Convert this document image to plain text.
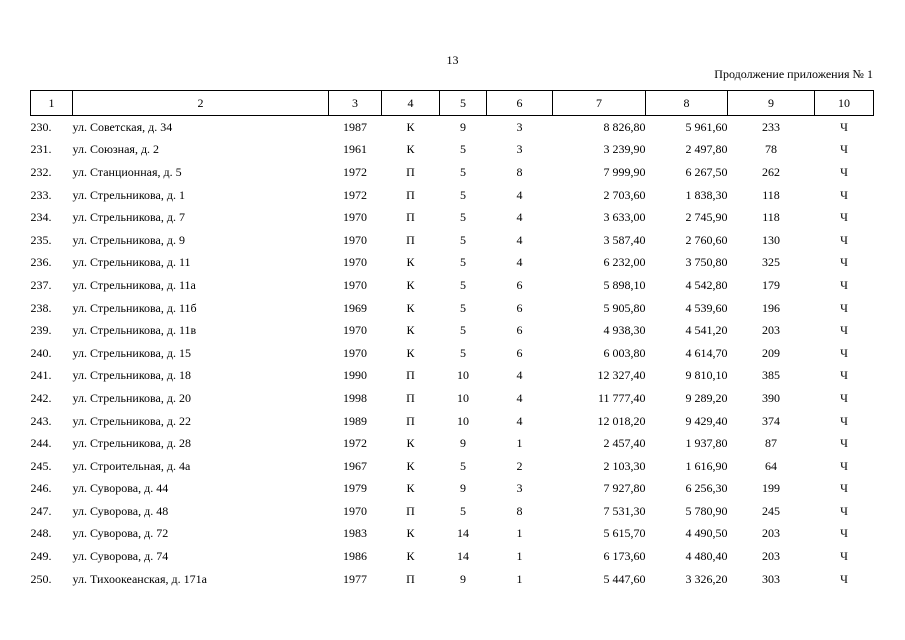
13
Продолжение приложения № 1
1	2	3	4	5	6	7	8	9	10
230.	ул. Советская, д. 34	1987	К	9	3	8 826,80	5 961,60	233	Ч
231.	ул. Союзная, д. 2	1961	К	5	3	3 239,90	2 497,80	78	Ч
232.	ул. Станционная, д. 5	1972	П	5	8	7 999,90	6 267,50	262	Ч
233.	ул. Стрельникова, д. 1	1972	П	5	4	2 703,60	1 838,30	118	Ч
234.	ул. Стрельникова, д. 7	1970	П	5	4	3 633,00	2 745,90	118	Ч
235.	ул. Стрельникова, д. 9	1970	П	5	4	3 587,40	2 760,60	130	Ч
236.	ул. Стрельникова, д. 11	1970	К	5	4	6 232,00	3 750,80	325	Ч
237.	ул. Стрельникова, д. 11а	1970	К	5	6	5 898,10	4 542,80	179	Ч
238.	ул. Стрельникова, д. 11б	1969	К	5	6	5 905,80	4 539,60	196	Ч
239.	ул. Стрельникова, д. 11в	1970	К	5	6	4 938,30	4 541,20	203	Ч
240.	ул. Стрельникова, д. 15	1970	К	5	6	6 003,80	4 614,70	209	Ч
241.	ул. Стрельникова, д. 18	1990	П	10	4	12 327,40	9 810,10	385	Ч
242.	ул. Стрельникова, д. 20	1998	П	10	4	11 777,40	9 289,20	390	Ч
243.	ул. Стрельникова, д. 22	1989	П	10	4	12 018,20	9 429,40	374	Ч
244.	ул. Стрельникова, д. 28	1972	К	9	1	2 457,40	1 937,80	87	Ч
245.	ул. Строительная, д. 4а	1967	К	5	2	2 103,30	1 616,90	64	Ч
246.	ул. Суворова, д. 44	1979	К	9	3	7 927,80	6 256,30	199	Ч
247.	ул. Суворова, д. 48	1970	П	5	8	7 531,30	5 780,90	245	Ч
248.	ул. Суворова, д. 72	1983	К	14	1	5 615,70	4 490,50	203	Ч
249.	ул. Суворова, д. 74	1986	К	14	1	6 173,60	4 480,40	203	Ч
250.	ул. Тихоокеанская, д. 171а	1977	П	9	1	5 447,60	3 326,20	303	Ч
